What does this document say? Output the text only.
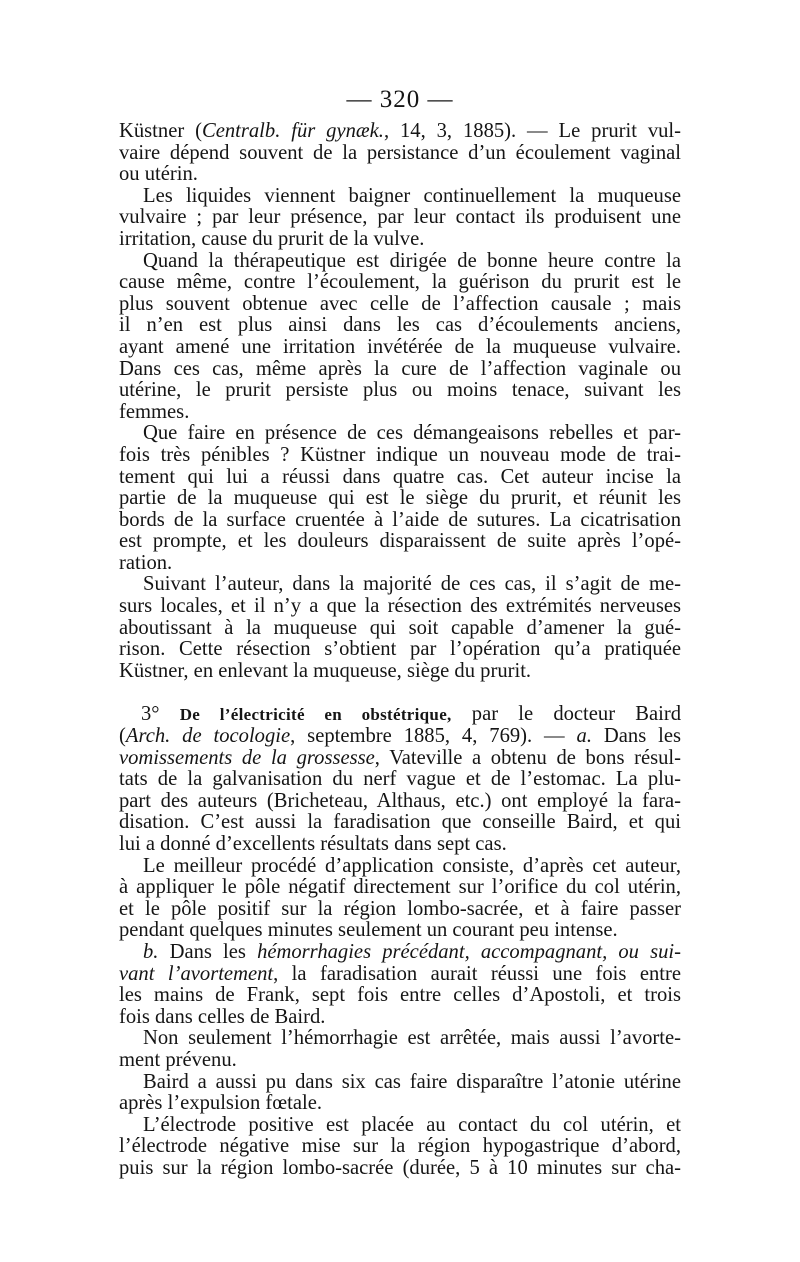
— 320 —
Küstner (Centralb. für gynæk., 14, 3, 1885). — Le prurit vul-
vaire dépend souvent de la persistance d’un écoulement vaginal
ou utérin.
Les liquides viennent baigner continuellement la muqueuse
vulvaire ; par leur présence, par leur contact ils produisent une
irritation, cause du prurit de la vulve.
Quand la thérapeutique est dirigée de bonne heure contre la
cause même, contre l’écoulement, la guérison du prurit est le
plus souvent obtenue avec celle de l’affection causale ; mais
il n’en est plus ainsi dans les cas d’écoulements anciens,
ayant amené une irritation invétérée de la muqueuse vulvaire.
Dans ces cas, même après la cure de l’affection vaginale ou
utérine, le prurit persiste plus ou moins tenace, suivant les
femmes.
Que faire en présence de ces démangeaisons rebelles et par-
fois très pénibles ? Küstner indique un nouveau mode de trai-
tement qui lui a réussi dans quatre cas. Cet auteur incise la
partie de la muqueuse qui est le siège du prurit, et réunit les
bords de la surface cruentée à l’aide de sutures. La cicatrisation
est prompte, et les douleurs disparaissent de suite après l’opé-
ration.
Suivant l’auteur, dans la majorité de ces cas, il s’agit de me-
surs locales, et il n’y a que la résection des extrémités nerveuses
aboutissant à la muqueuse qui soit capable d’amener la gué-
rison. Cette résection s’obtient par l’opération qu’a pratiquée
Küstner, en enlevant la muqueuse, siège du prurit.
3° De l’électricité en obstétrique, par le docteur Baird
(Arch. de tocologie, septembre 1885, 4, 769). — a. Dans les
vomissements de la grossesse, Vateville a obtenu de bons résul-
tats de la galvanisation du nerf vague et de l’estomac. La plu-
part des auteurs (Bricheteau, Althaus, etc.) ont employé la fara-
disation. C’est aussi la faradisation que conseille Baird, et qui
lui a donné d’excellents résultats dans sept cas.
Le meilleur procédé d’application consiste, d’après cet auteur,
à appliquer le pôle négatif directement sur l’orifice du col utérin,
et le pôle positif sur la région lombo-sacrée, et à faire passer
pendant quelques minutes seulement un courant peu intense.
b. Dans les hémorrhagies précédant, accompagnant, ou sui-
vant l’avortement, la faradisation aurait réussi une fois entre
les mains de Frank, sept fois entre celles d’Apostoli, et trois
fois dans celles de Baird.
Non seulement l’hémorrhagie est arrêtée, mais aussi l’avorte-
ment prévenu.
Baird a aussi pu dans six cas faire disparaître l’atonie utérine
après l’expulsion fœtale.
L’électrode positive est placée au contact du col utérin, et
l’électrode négative mise sur la région hypogastrique d’abord,
puis sur la région lombo-sacrée (durée, 5 à 10 minutes sur cha-
